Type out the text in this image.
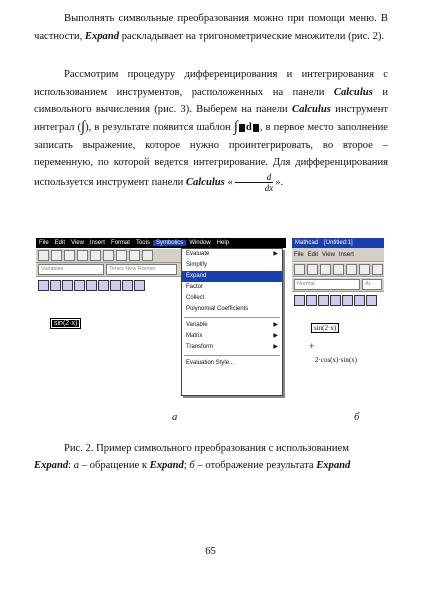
Выполнять символьные преобразования можно при помощи меню. В частности, Expand раскладывает на тригонометрические множители (рис. 2).
Рассмотрим процедуру дифференцирования и интегрирования с использованием инструментов, расположенных на панели Calculus и символьного вычисления (рис. 3). Выберем на панели Calculus инструмент интеграл (∫), в результате появится шаблон ∫ d , в первое место заполнение записать выражение, которое нужно проинтегрировать, во второе – переменную, по которой ведется интегрирование. Для дифференцирования используется инструмент панели Calculus « $\frac{d}{dx}$ ».
File	Edit	View	Insert	Format	Tools	Symbolics	Window	Help
Variables	Times New Roman
sin(2·x)
Evaluate	▶
Simplify
Expand
Factor
Collect
Polynomial Coefficients
Variable	▶
Matrix	▶
Transform	▶
Evaluation Style...
Mathcad	[Untitled:1]
File Edit View Insert
Normal	Ar
sin(2·x)
+
2·cos(x)·sin(x)
а	б
Рис. 2. Пример символьного преобразования с использованием
Expand: а – обращение к Expand; б – отображение результата Expand
65
